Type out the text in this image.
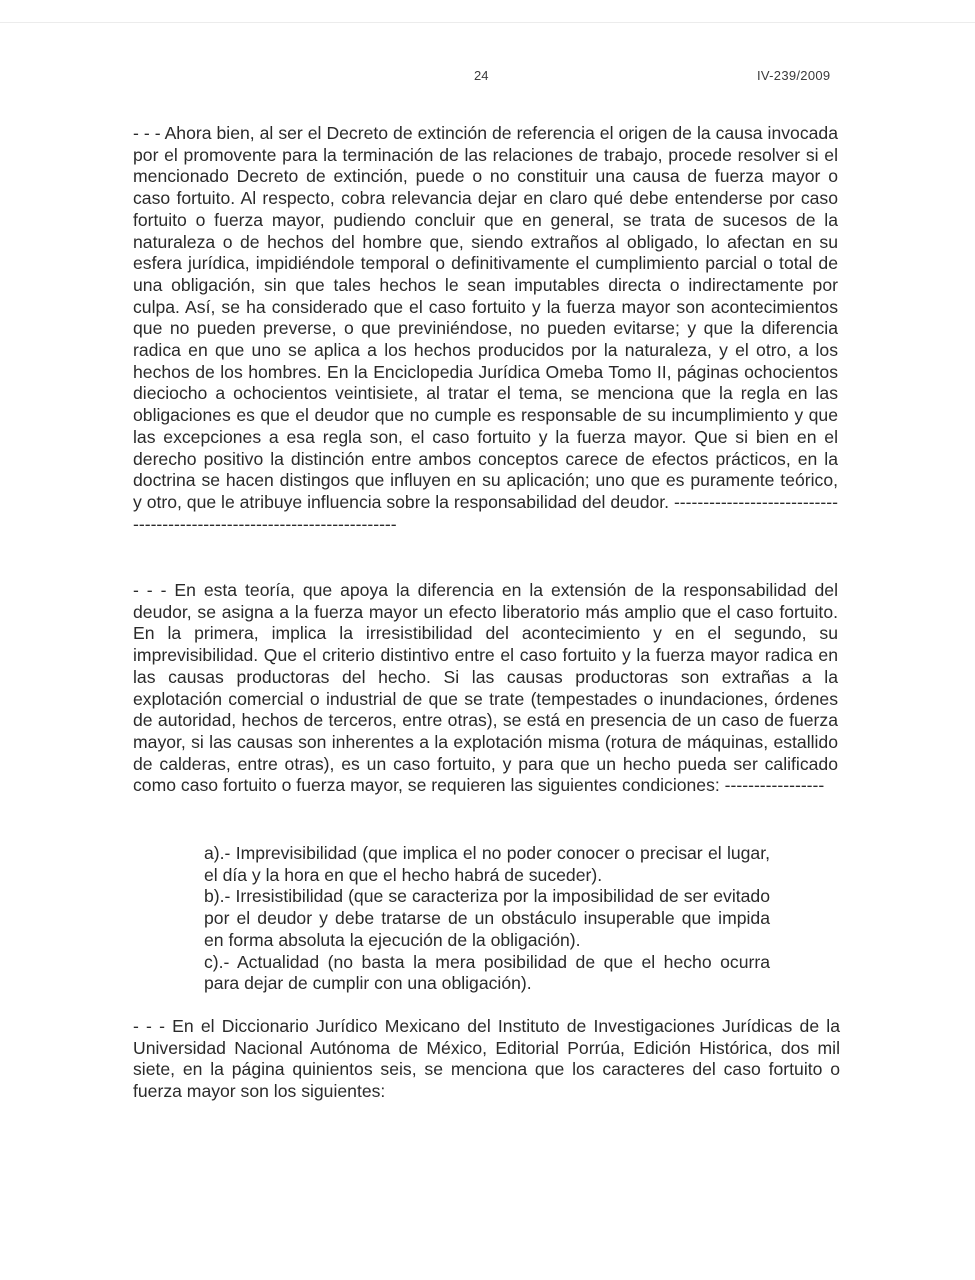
24	IV-239/2009

- - - Ahora bien, al ser el Decreto de extinción de referencia el origen de la causa invocada por el promovente para la terminación de las relaciones de trabajo, procede resolver si el mencionado Decreto de extinción, puede o no constituir una causa de fuerza mayor o caso fortuito. Al respecto, cobra relevancia dejar en claro qué debe entenderse por caso fortuito o fuerza mayor, pudiendo concluir que en general, se trata de sucesos de la naturaleza o de hechos del hombre que, siendo extraños al obligado, lo afectan en su esfera jurídica, impidiéndole temporal o definitivamente el cumplimiento parcial o total de una obligación, sin que tales hechos le sean imputables directa o indirectamente por culpa. Así, se ha considerado que el caso fortuito y la fuerza mayor son acontecimientos que no pueden preverse, o que previniéndose, no pueden evitarse; y que la diferencia radica en que uno se aplica a los hechos producidos por la naturaleza, y el otro, a los hechos de los hombres. En la Enciclopedia Jurídica Omeba Tomo II, páginas ochocientos dieciocho a ochocientos veintisiete, al tratar el tema, se menciona que la regla en las obligaciones es que el deudor que no cumple es responsable de su incumplimiento y que las excepciones a esa regla son, el caso fortuito y la fuerza mayor. Que si bien en el derecho positivo la distinción entre ambos conceptos carece de efectos prácticos, en la doctrina se hacen distingos que influyen en su aplicación; uno que es puramente teórico, y otro, que le atribuye influencia sobre la responsabilidad del deudor. -------------------------------------------------------------------------

- - - En esta teoría, que apoya la diferencia en la extensión de la responsabilidad del deudor, se asigna a la fuerza mayor un efecto liberatorio más amplio que el caso fortuito. En la primera, implica la irresistibilidad del acontecimiento y en el segundo, su imprevisibilidad. Que el criterio distintivo entre el caso fortuito y la fuerza mayor radica en las causas productoras del hecho. Si las causas productoras son extrañas a la explotación comercial o industrial de que se trate (tempestades o inundaciones, órdenes de autoridad, hechos de terceros, entre otras), se está en presencia de un caso de fuerza mayor, si las causas son inherentes a la explotación misma (rotura de máquinas, estallido de calderas, entre otras), es un caso fortuito, y para que un hecho pueda ser calificado como caso fortuito o fuerza mayor, se requieren las siguientes condiciones: -----------------

a).- Imprevisibilidad (que implica el no poder conocer o precisar el lugar, el día y la hora en que el hecho habrá de suceder).
b).- Irresistibilidad (que se caracteriza por la imposibilidad de ser evitado por el deudor y debe tratarse de un obstáculo insuperable que impida en forma absoluta la ejecución de la obligación).
c).- Actualidad (no basta la mera posibilidad de que el hecho ocurra para dejar de cumplir con una obligación).

- - - En el Diccionario Jurídico Mexicano del Instituto de Investigaciones Jurídicas de la Universidad Nacional Autónoma de México, Editorial Porrúa, Edición Histórica, dos mil siete, en la página quinientos seis, se menciona que los caracteres del caso fortuito o fuerza mayor son los siguientes:
